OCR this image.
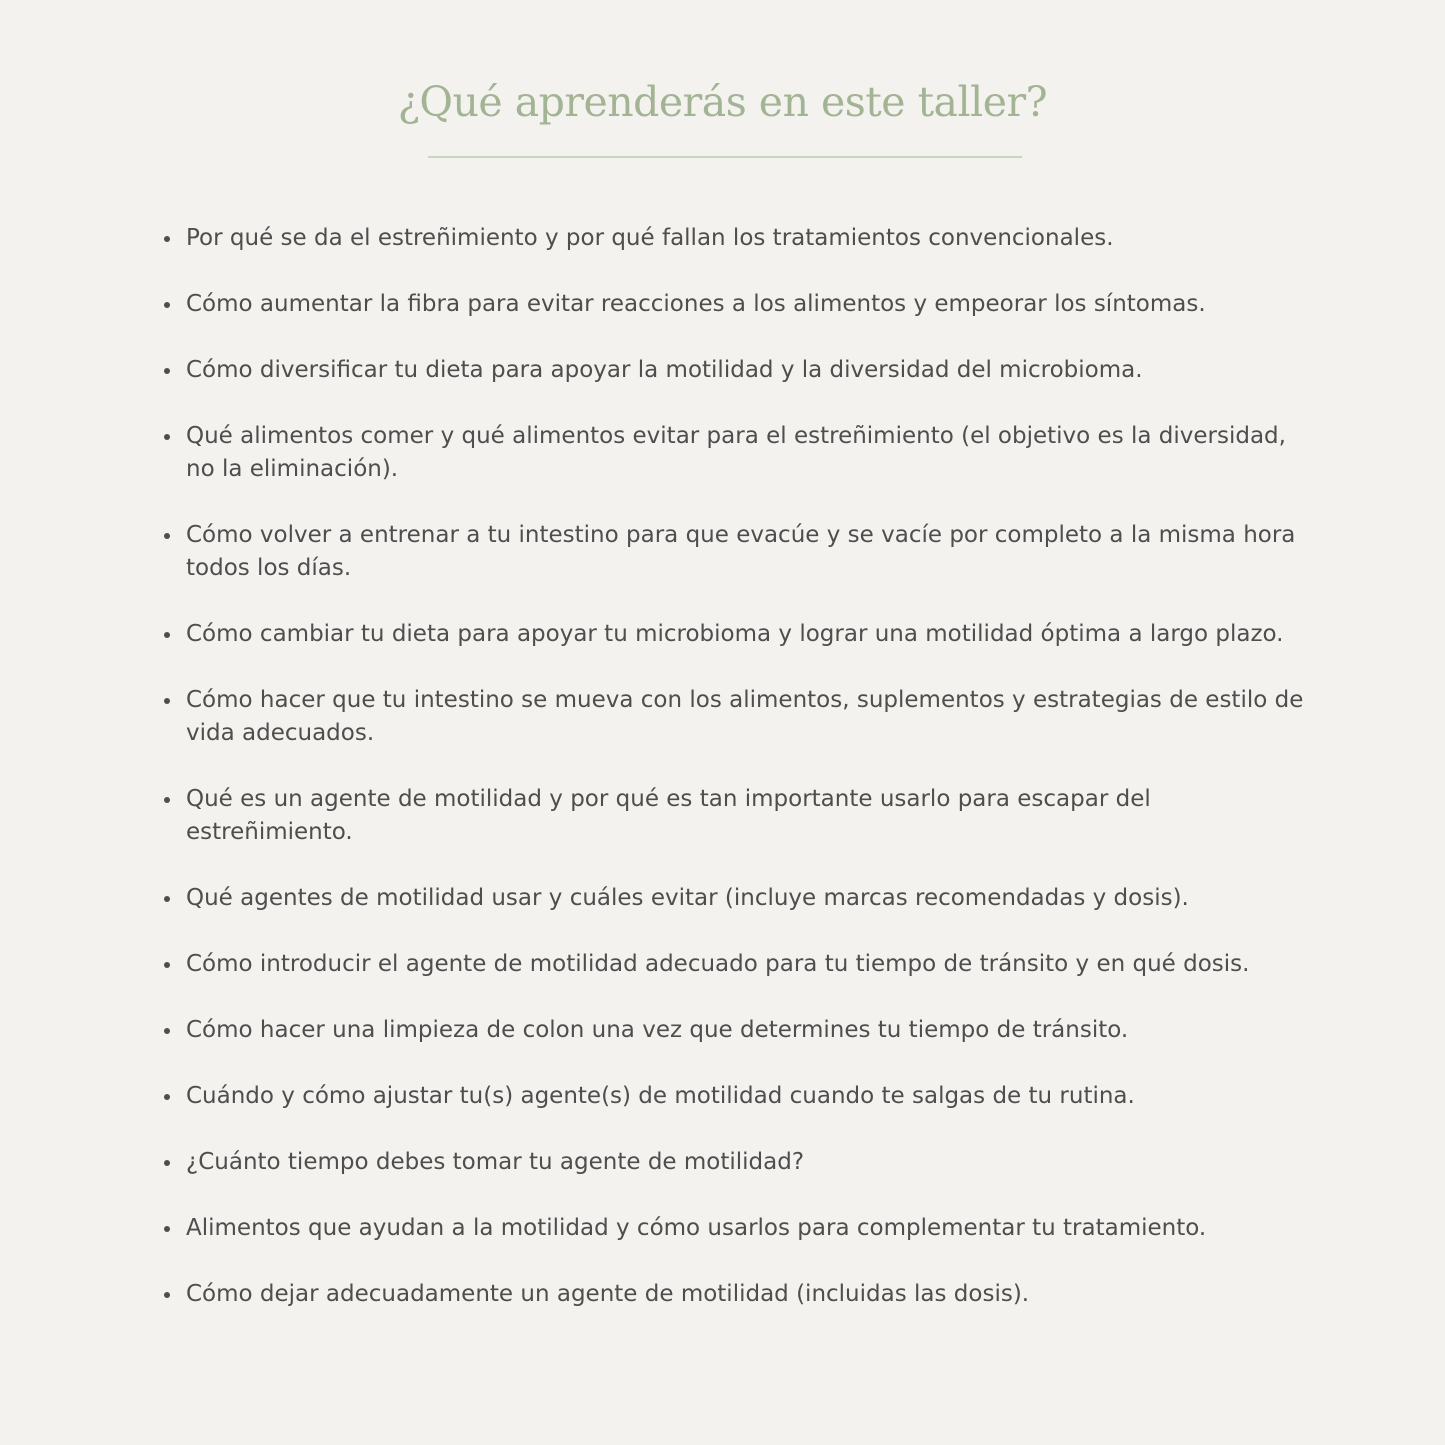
¿Qué aprenderás en este taller?
Por qué se da el estreñimiento y por qué fallan los tratamientos convencionales.
Cómo aumentar la fibra para evitar reacciones a los alimentos y empeorar los síntomas.
Cómo diversificar tu dieta para apoyar la motilidad y la diversidad del microbioma.
Qué alimentos comer y qué alimentos evitar para el estreñimiento (el objetivo es la diversidad, no la eliminación).
Cómo volver a entrenar a tu intestino para que evacúe y se vacíe por completo a la misma hora todos los días.
Cómo cambiar tu dieta para apoyar tu microbioma y lograr una motilidad óptima a largo plazo.
Cómo hacer que tu intestino se mueva con los alimentos, suplementos y estrategias de estilo de vida adecuados.
Qué es un agente de motilidad y por qué es tan importante usarlo para escapar del estreñimiento.
Qué agentes de motilidad usar y cuáles evitar (incluye marcas recomendadas y dosis).
Cómo introducir el agente de motilidad adecuado para tu tiempo de tránsito y en qué dosis.
Cómo hacer una limpieza de colon una vez que determines tu tiempo de tránsito.
Cuándo y cómo ajustar tu(s) agente(s) de motilidad cuando te salgas de tu rutina.
¿Cuánto tiempo debes tomar tu agente de motilidad?
Alimentos que ayudan a la motilidad y cómo usarlos para complementar tu tratamiento.
Cómo dejar adecuadamente un agente de motilidad (incluidas las dosis).
